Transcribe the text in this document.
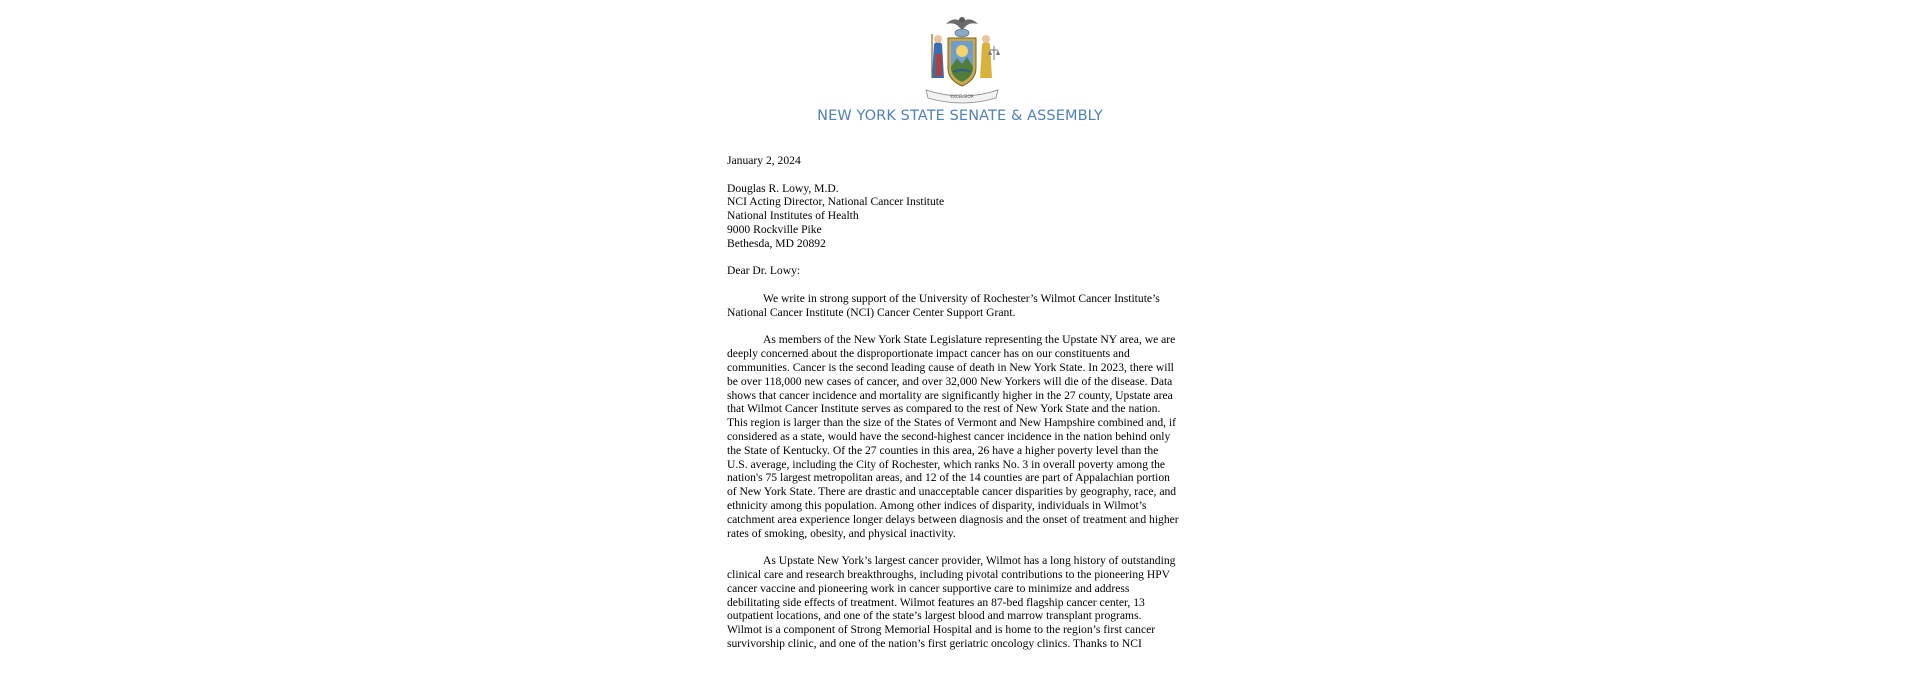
EXCELSIOR
NEW YORK STATE SENATE & ASSEMBLY
January 2, 2024
Douglas R. Lowy, M.D.
NCI Acting Director, National Cancer Institute
National Institutes of Health
9000 Rockville Pike
Bethesda, MD 20892
Dear Dr. Lowy:
We write in strong support of the University of Rochester’s Wilmot Cancer Institute’s
National Cancer Institute (NCI) Cancer Center Support Grant.
As members of the New York State Legislature representing the Upstate NY area, we are
deeply concerned about the disproportionate impact cancer has on our constituents and
communities. Cancer is the second leading cause of death in New York State. In 2023, there will
be over 118,000 new cases of cancer, and over 32,000 New Yorkers will die of the disease. Data
shows that cancer incidence and mortality are significantly higher in the 27 county, Upstate area
that Wilmot Cancer Institute serves as compared to the rest of New York State and the nation.
This region is larger than the size of the States of Vermont and New Hampshire combined and, if
considered as a state, would have the second-highest cancer incidence in the nation behind only
the State of Kentucky. Of the 27 counties in this area, 26 have a higher poverty level than the
U.S. average, including the City of Rochester, which ranks No. 3 in overall poverty among the
nation's 75 largest metropolitan areas, and 12 of the 14 counties are part of Appalachian portion
of New York State. There are drastic and unacceptable cancer disparities by geography, race, and
ethnicity among this population. Among other indices of disparity, individuals in Wilmot’s
catchment area experience longer delays between diagnosis and the onset of treatment and higher
rates of smoking, obesity, and physical inactivity.
As Upstate New York’s largest cancer provider, Wilmot has a long history of outstanding
clinical care and research breakthroughs, including pivotal contributions to the pioneering HPV
cancer vaccine and pioneering work in cancer supportive care to minimize and address
debilitating side effects of treatment. Wilmot features an 87-bed flagship cancer center, 13
outpatient locations, and one of the state’s largest blood and marrow transplant programs.
Wilmot is a component of Strong Memorial Hospital and is home to the region’s first cancer
survivorship clinic, and one of the nation’s first geriatric oncology clinics. Thanks to NCI
